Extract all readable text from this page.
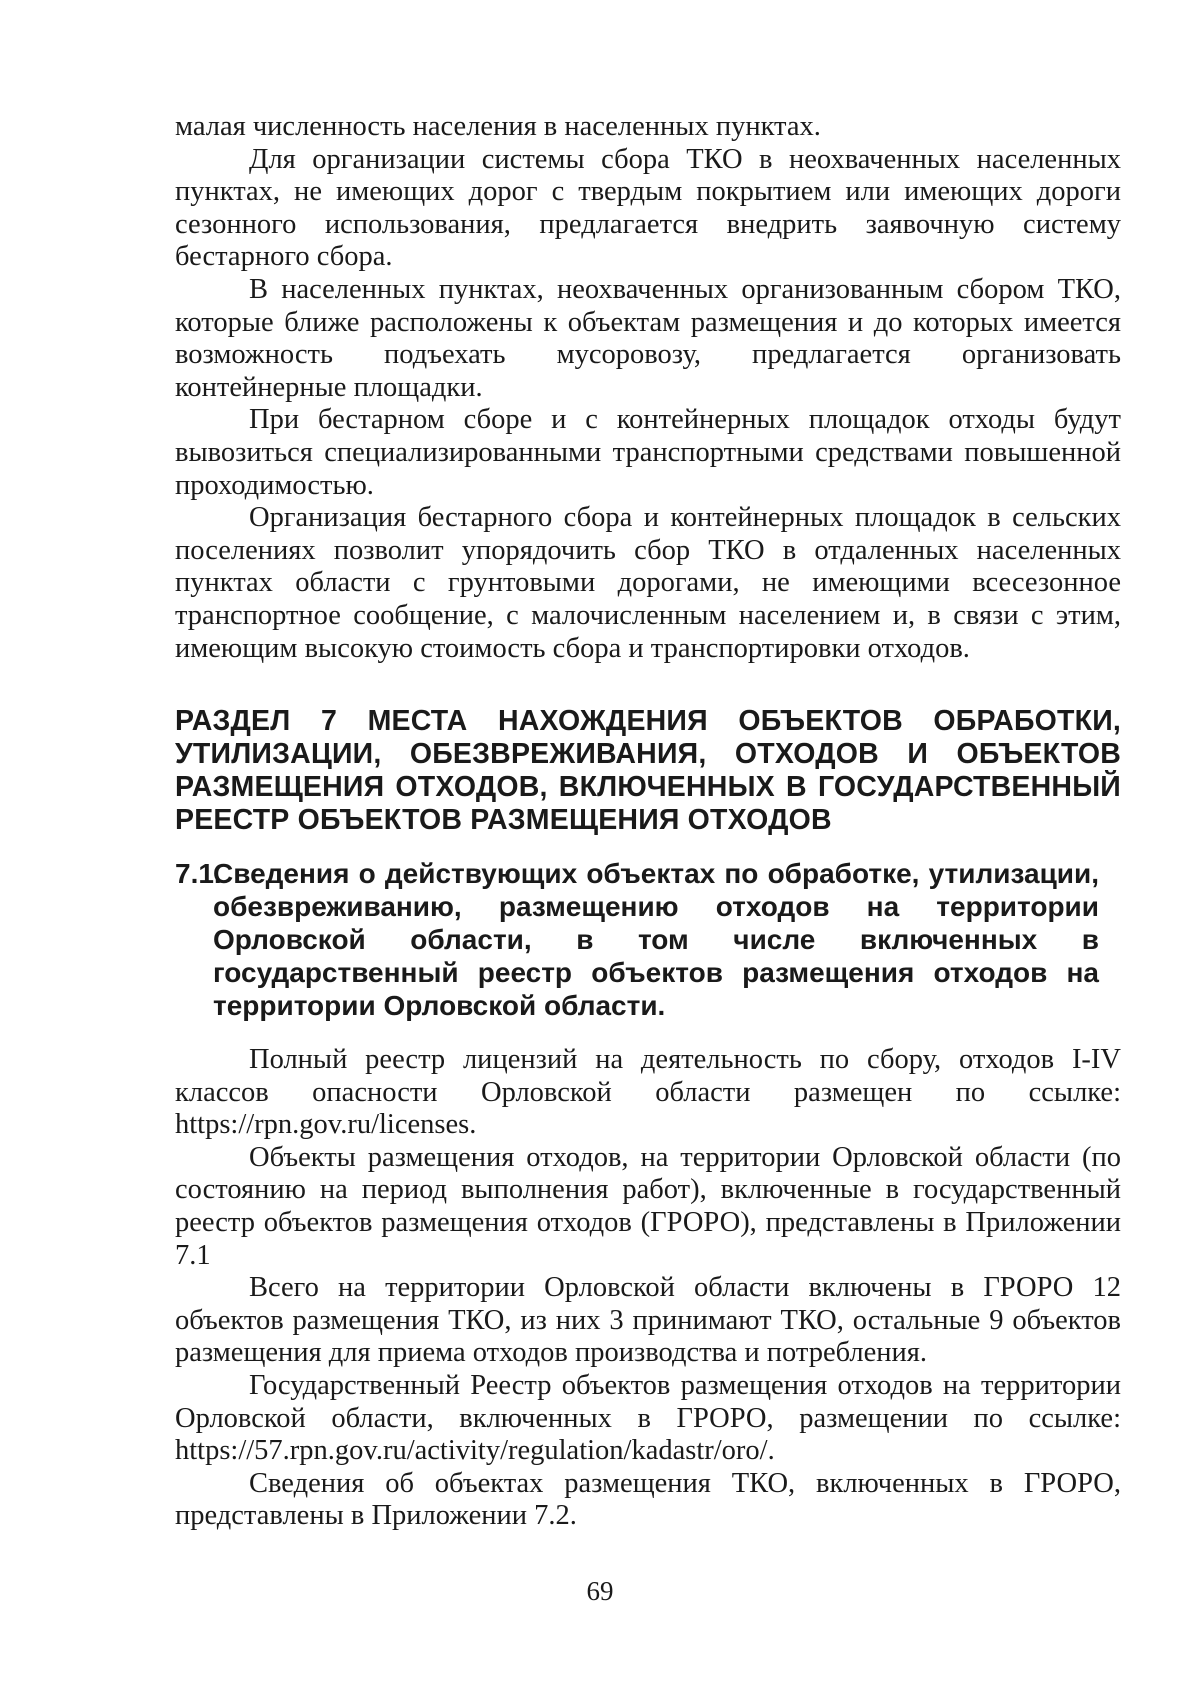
малая численность населения в населенных пунктах.

Для организации системы сбора ТКО в неохваченных населенных пунктах, не имеющих дорог с твердым покрытием или имеющих дороги сезонного использования, предлагается внедрить заявочную систему бестарного сбора.

В населенных пунктах, неохваченных организованным сбором ТКО, которые ближе расположены к объектам размещения и до которых имеется возможность подъехать мусоровозу, предлагается организовать контейнерные площадки.

При бестарном сборе и с контейнерных площадок отходы будут вывозиться специализированными транспортными средствами повышенной проходимостью.

Организация бестарного сбора и контейнерных площадок в сельских поселениях позволит упорядочить сбор ТКО в отдаленных населенных пунктах области с грунтовыми дорогами, не имеющими всесезонное транспортное сообщение, с малочисленным населением и, в связи с этим, имеющим высокую стоимость сбора и транспортировки отходов.

РАЗДЕЛ 7 МЕСТА НАХОЖДЕНИЯ ОБЪЕКТОВ ОБРАБОТКИ, УТИЛИЗАЦИИ, ОБЕЗВРЕЖИВАНИЯ, ОТХОДОВ И ОБЪЕКТОВ РАЗМЕЩЕНИЯ ОТХОДОВ, ВКЛЮЧЕННЫХ В ГОСУДАРСТВЕННЫЙ РЕЕСТР ОБЪЕКТОВ РАЗМЕЩЕНИЯ ОТХОДОВ
7.1.
Сведения о действующих объектах по обработке, утилизации, обезвреживанию, размещению отходов на территории Орловской области, в том числе включенных в государственный реестр объектов размещения отходов на территории Орловской области.

Полный реестр лицензий на деятельность по сбору, отходов I-IV классов опасности Орловской области размещен по ссылке: https://rpn.gov.ru/licenses.

Объекты размещения отходов, на территории Орловской области (по состоянию на период выполнения работ), включенные в государственный реестр объектов размещения отходов (ГРОРО), представлены в Приложении 7.1

Всего на территории Орловской области включены в ГРОРО 12 объектов размещения ТКО, из них 3 принимают ТКО, остальные 9 объектов размещения для приема отходов производства и потребления.

Государственный Реестр объектов размещения отходов на территории Орловской области, включенных в ГРОРО, размещении по ссылке: https://57.rpn.gov.ru/activity/regulation/kadastr/oro/.

Сведения об объектах размещения ТКО, включенных в ГРОРО, представлены в Приложении 7.2.

69
